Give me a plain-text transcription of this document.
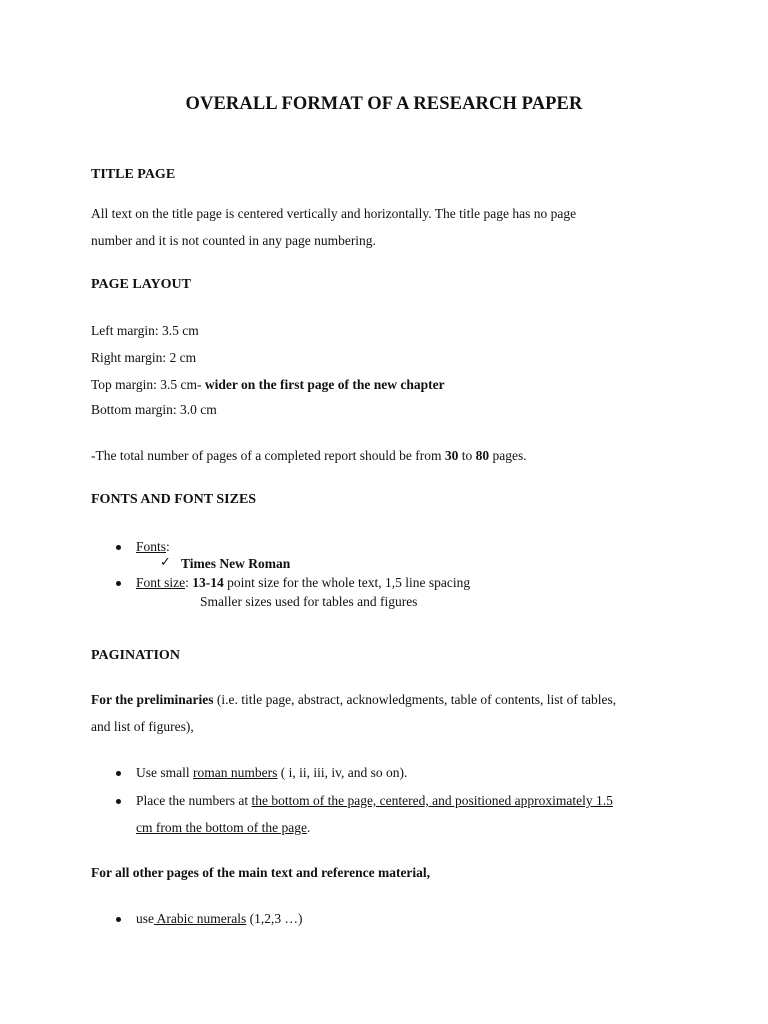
OVERALL FORMAT OF A RESEARCH PAPER
TITLE PAGE
All text on the title page is centered vertically and horizontally. The title page has no page
number and it is not counted in any page numbering.
PAGE LAYOUT
Left margin: 3.5 cm
Right margin: 2 cm
Top margin: 3.5 cm- wider on the first page of the new chapter
Bottom margin: 3.0 cm
-The total number of pages of a completed report should be from 30 to 80 pages.
FONTS AND FONT SIZES
Fonts:
✓ Times New Roman
Font size: 13-14 point size for the whole text, 1,5 line spacing
Smaller sizes used for tables and figures
PAGINATION
For the preliminaries (i.e. title page, abstract, acknowledgments, table of contents, list of tables,
and list of figures),
Use small roman numbers ( i, ii, iii, iv, and so on).
Place the numbers at the bottom of the page, centered, and positioned approximately 1.5
cm from the bottom of the page.
For all other pages of the main text and reference material,
use Arabic numerals (1,2,3 …)
